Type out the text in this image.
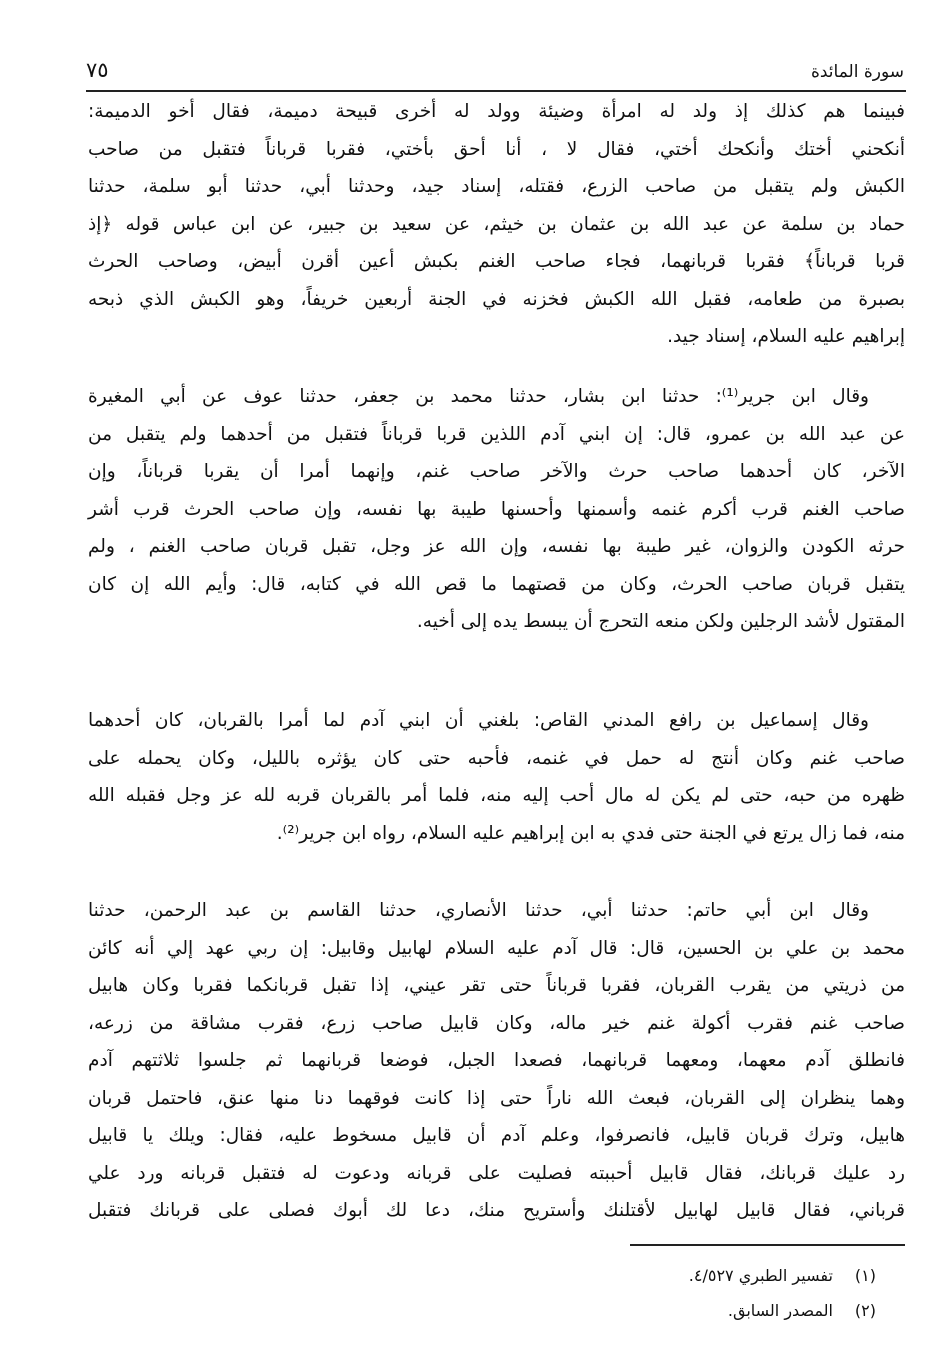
سورة المائدة
٧٥
فبينما هم كذلك إذ ولد له امرأة وضيئة وولد له أخرى قبيحة دميمة، فقال أخو الدميمة:
أنكحني أختك وأنكحك أختي، فقال لا ، أنا أحق بأختي، فقربا قرباناً فتقبل من صاحب
الكبش ولم يتقبل من صاحب الزرع، فقتله، إسناد جيد، وحدثنا أبي، حدثنا أبو سلمة، حدثنا
حماد بن سلمة عن عبد الله بن عثمان بن خيثم، عن سعيد بن جبير، عن ابن عباس قوله ﴿إذ
قربا قرباناً﴾ فقربا قربانهما، فجاء صاحب الغنم بكبش أعين أقرن أبيض، وصاحب الحرث
بصبرة من طعامه، فقبل الله الكبش فخزنه في الجنة أربعين خريفاً، وهو الكبش الذي ذبحه
إبراهيم عليه السلام، إسناد جيد.
وقال ابن جرير⁽¹⁾: حدثنا ابن بشار، حدثنا محمد بن جعفر، حدثنا عوف عن أبي المغيرة
عن عبد الله بن عمرو، قال: إن ابني آدم اللذين قربا قرباناً فتقبل من أحدهما ولم يتقبل من
الآخر، كان أحدهما صاحب حرث والآخر صاحب غنم، وإنهما أمرا أن يقربا قرباناً، وإن
صاحب الغنم قرب أكرم غنمه وأسمنها وأحسنها طيبة بها نفسه، وإن صاحب الحرث قرب أشر
حرثه الكودن والزوان، غير طيبة بها نفسه، وإن الله عز وجل، تقبل قربان صاحب الغنم ، ولم
يتقبل قربان صاحب الحرث، وكان من قصتهما ما قص الله في كتابه، قال: وأيم الله إن كان
المقتول لأشد الرجلين ولكن منعه التحرج أن يبسط يده إلى أخيه.
وقال إسماعيل بن رافع المدني القاص: بلغني أن ابني آدم لما أمرا بالقربان، كان أحدهما
صاحب غنم وكان أنتج له حمل في غنمه، فأحبه حتى كان يؤثره بالليل، وكان يحمله على
ظهره من حبه، حتى لم يكن له مال أحب إليه منه، فلما أمر بالقربان قربه لله عز وجل فقبله الله
منه، فما زال يرتع في الجنة حتى فدي به ابن إبراهيم عليه السلام، رواه ابن جرير⁽²⁾.
وقال ابن أبي حاتم: حدثنا أبي، حدثنا الأنصاري، حدثنا القاسم بن عبد الرحمن، حدثنا
محمد بن علي بن الحسين، قال: قال آدم عليه السلام لهابيل وقابيل: إن ربي عهد إلي أنه كائن
من ذريتي من يقرب القربان، فقربا قرباناً حتى تقر عيني، إذا تقبل قربانكما فقربا وكان هابيل
صاحب غنم فقرب أكولة غنم خير ماله، وكان قابيل صاحب زرع، فقرب مشاقة من زرعه،
فانطلق آدم معهما، ومعهما قربانهما، فصعدا الجبل، فوضعا قربانهما ثم جلسوا ثلاثتهم آدم
وهما ينظران إلى القربان، فبعث الله ناراً حتى إذا كانت فوقهما دنا منها عنق، فاحتمل قربان
هابيل، وترك قربان قابيل، فانصرفوا، وعلم آدم أن قابيل مسخوط عليه، فقال: ويلك يا قابيل
رد عليك قربانك، فقال قابيل أحببته فصليت على قربانه ودعوت له فتقبل قربانه ورد علي
قرباني، فقال قابيل لهابيل لأقتلنك وأستريح منك، دعا لك أبوك فصلى على قربانك فتقبل
(١)تفسير الطبري ٤/٥٢٧.
(٢)المصدر السابق.
